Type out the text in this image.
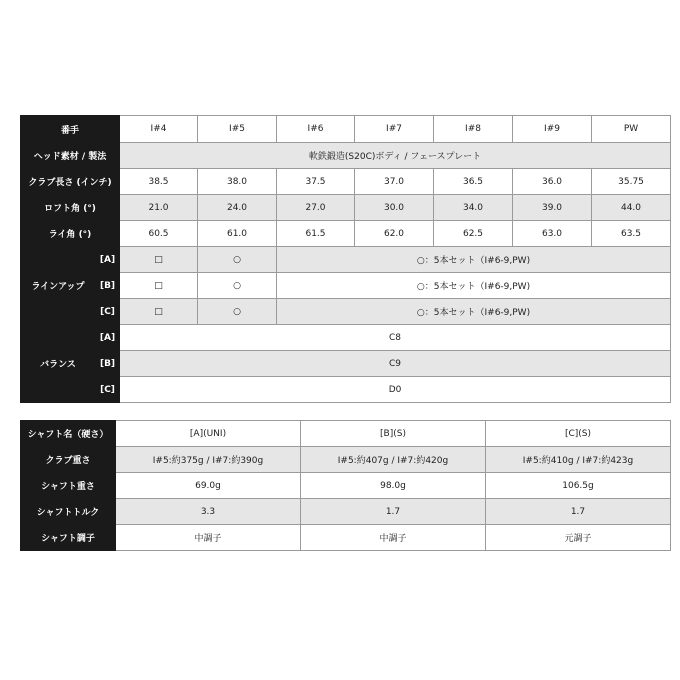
番手		I#4	I#5	I#6	I#7	I#8	I#9	PW
ヘッド素材 / 製法		軟鉄鍛造(S20C)ボディ / フェースプレート						
クラブ長さ (インチ)		38.5	38.0	37.5	37.0	36.5	36.0	35.75
ロフト角 (°)		21.0	24.0	27.0	30.0	34.0	39.0	44.0
ライ角 (°)		60.5	61.0	61.5	62.0	62.5	63.0	63.5
ラインアップ	[A]	□	○	○：5本セット（I#6-9,PW)				
	[B]	□	○	○：5本セット（I#6-9,PW)				
	[C]	□	○	○：5本セット（I#6-9,PW)				
バランス	[A]	C8						
	[B]	C9						
	[C]	D0						
シャフト名（硬さ）	[A](UNI)	[B](S)	[C](S)
クラブ重さ	I#5:約375g / I#7:約390g	I#5:約407g / I#7:約420g	I#5:約410g / I#7:約423g
シャフト重さ	69.0g	98.0g	106.5g
シャフトトルク	3.3	1.7	1.7
シャフト調子	中調子	中調子	元調子
